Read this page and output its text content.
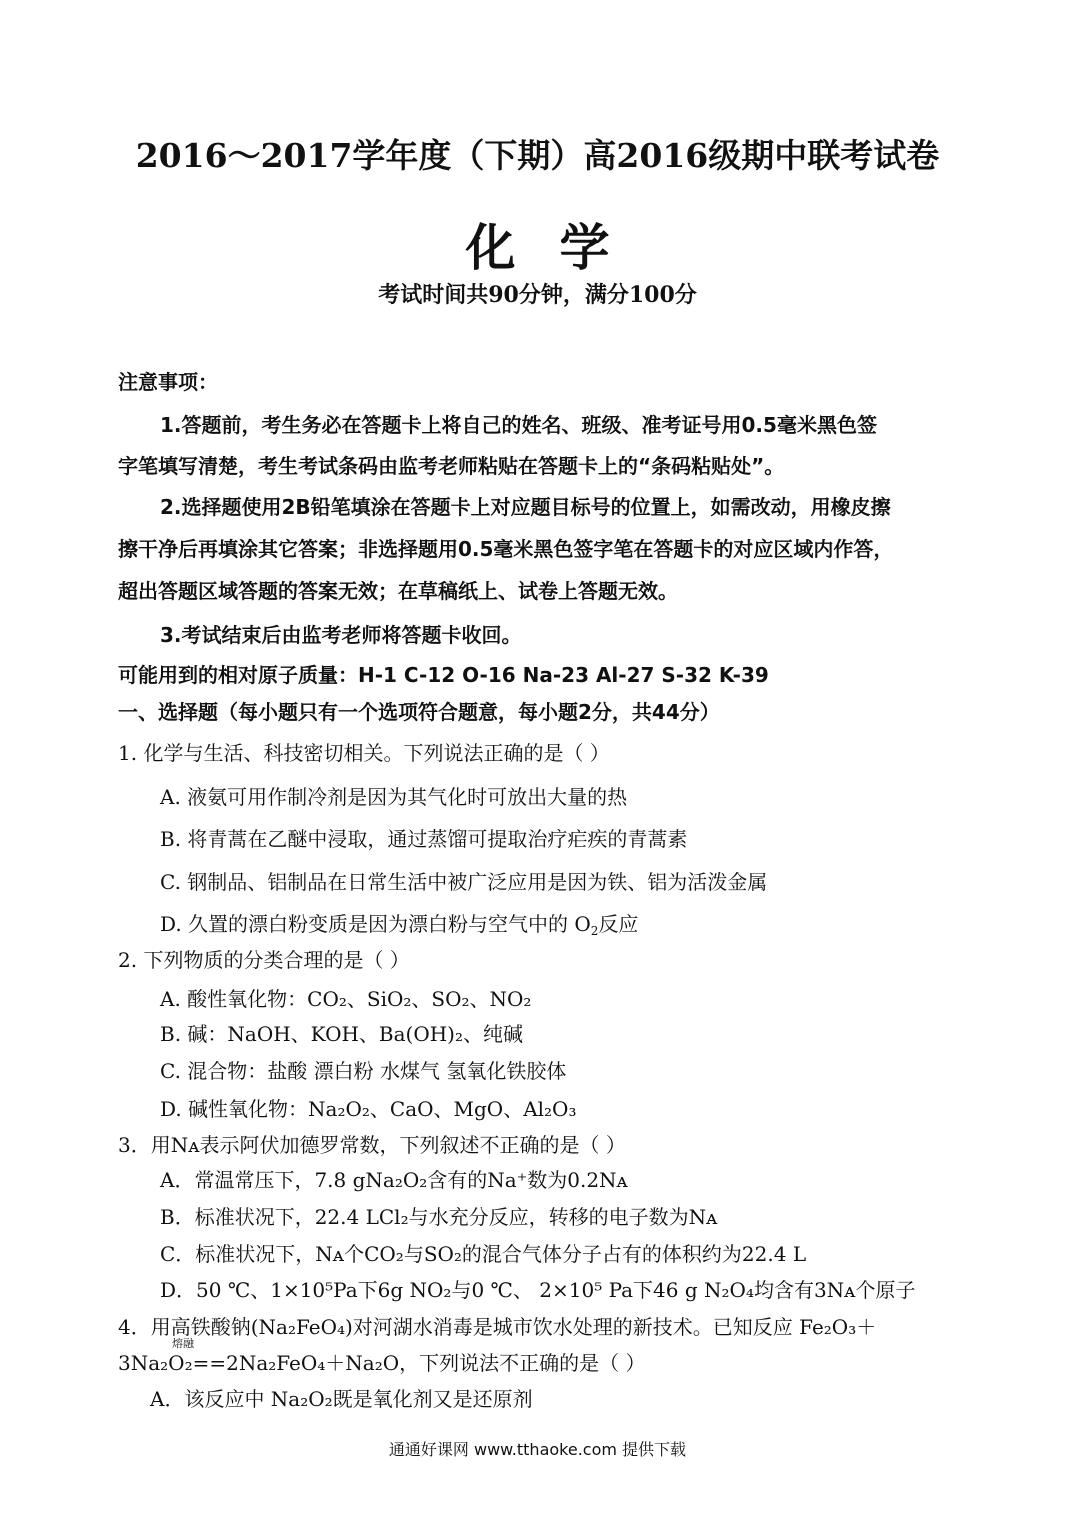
2016～2017学年度（下期）高2016级期中联考试卷
化学
考试时间共90分钟，满分100分
注意事项：
1.答题前，考生务必在答题卡上将自己的姓名、班级、准考证号用0.5毫米黑色签
字笔填写清楚，考生考试条码由监考老师粘贴在答题卡上的“条码粘贴处”。
2.选择题使用2B铅笔填涂在答题卡上对应题目标号的位置上，如需改动，用橡皮擦
擦干净后再填涂其它答案；非选择题用0.5毫米黑色签字笔在答题卡的对应区域内作答，
超出答题区域答题的答案无效；在草稿纸上、试卷上答题无效。
3.考试结束后由监考老师将答题卡收回。
可能用到的相对原子质量：H-1 C-12 O-16 Na-23 Al-27 S-32 K-39
一、选择题（每小题只有一个选项符合题意，每小题2分，共44分）
1. 化学与生活、科技密切相关。下列说法正确的是（ ）
A. 液氨可用作制冷剂是因为其气化时可放出大量的热
B. 将青蒿在乙醚中浸取，通过蒸馏可提取治疗疟疾的青蒿素
C. 钢制品、铝制品在日常生活中被广泛应用是因为铁、铝为活泼金属
D. 久置的漂白粉变质是因为漂白粉与空气中的 $O_2$反应
2. 下列物质的分类合理的是（ ）
A. 酸性氧化物：CO₂、SiO₂、SO₂、NO₂
B. 碱：NaOH、KOH、Ba(OH)₂、纯碱
C. 混合物：盐酸 漂白粉 水煤气 氢氧化铁胶体
D. 碱性氧化物：Na₂O₂、CaO、MgO、Al₂O₃
3．用Nᴀ表示阿伏加德罗常数，下列叙述不正确的是（ ）
A．常温常压下，7.8 gNa₂O₂含有的Na⁺数为0.2Nᴀ
B．标准状况下，22.4 LCl₂与水充分反应，转移的电子数为Nᴀ
C．标准状况下，Nᴀ个CO₂与SO₂的混合气体分子占有的体积约为22.4 L
D．50 ℃、1×10⁵Pa下6g NO₂与0 ℃、 2×10⁵ Pa下46 g N₂O₄均含有3Nᴀ个原子
4．用高铁酸钠(Na₂FeO₄)对河湖水消毒是城市饮水处理的新技术。已知反应 Fe₂O₃＋
熔融
3Na₂O₂==2Na₂FeO₄＋Na₂O，下列说法不正确的是（ ）
A．该反应中 Na₂O₂既是氧化剂又是还原剂
通通好课网 www.tthaoke.com 提供下载
